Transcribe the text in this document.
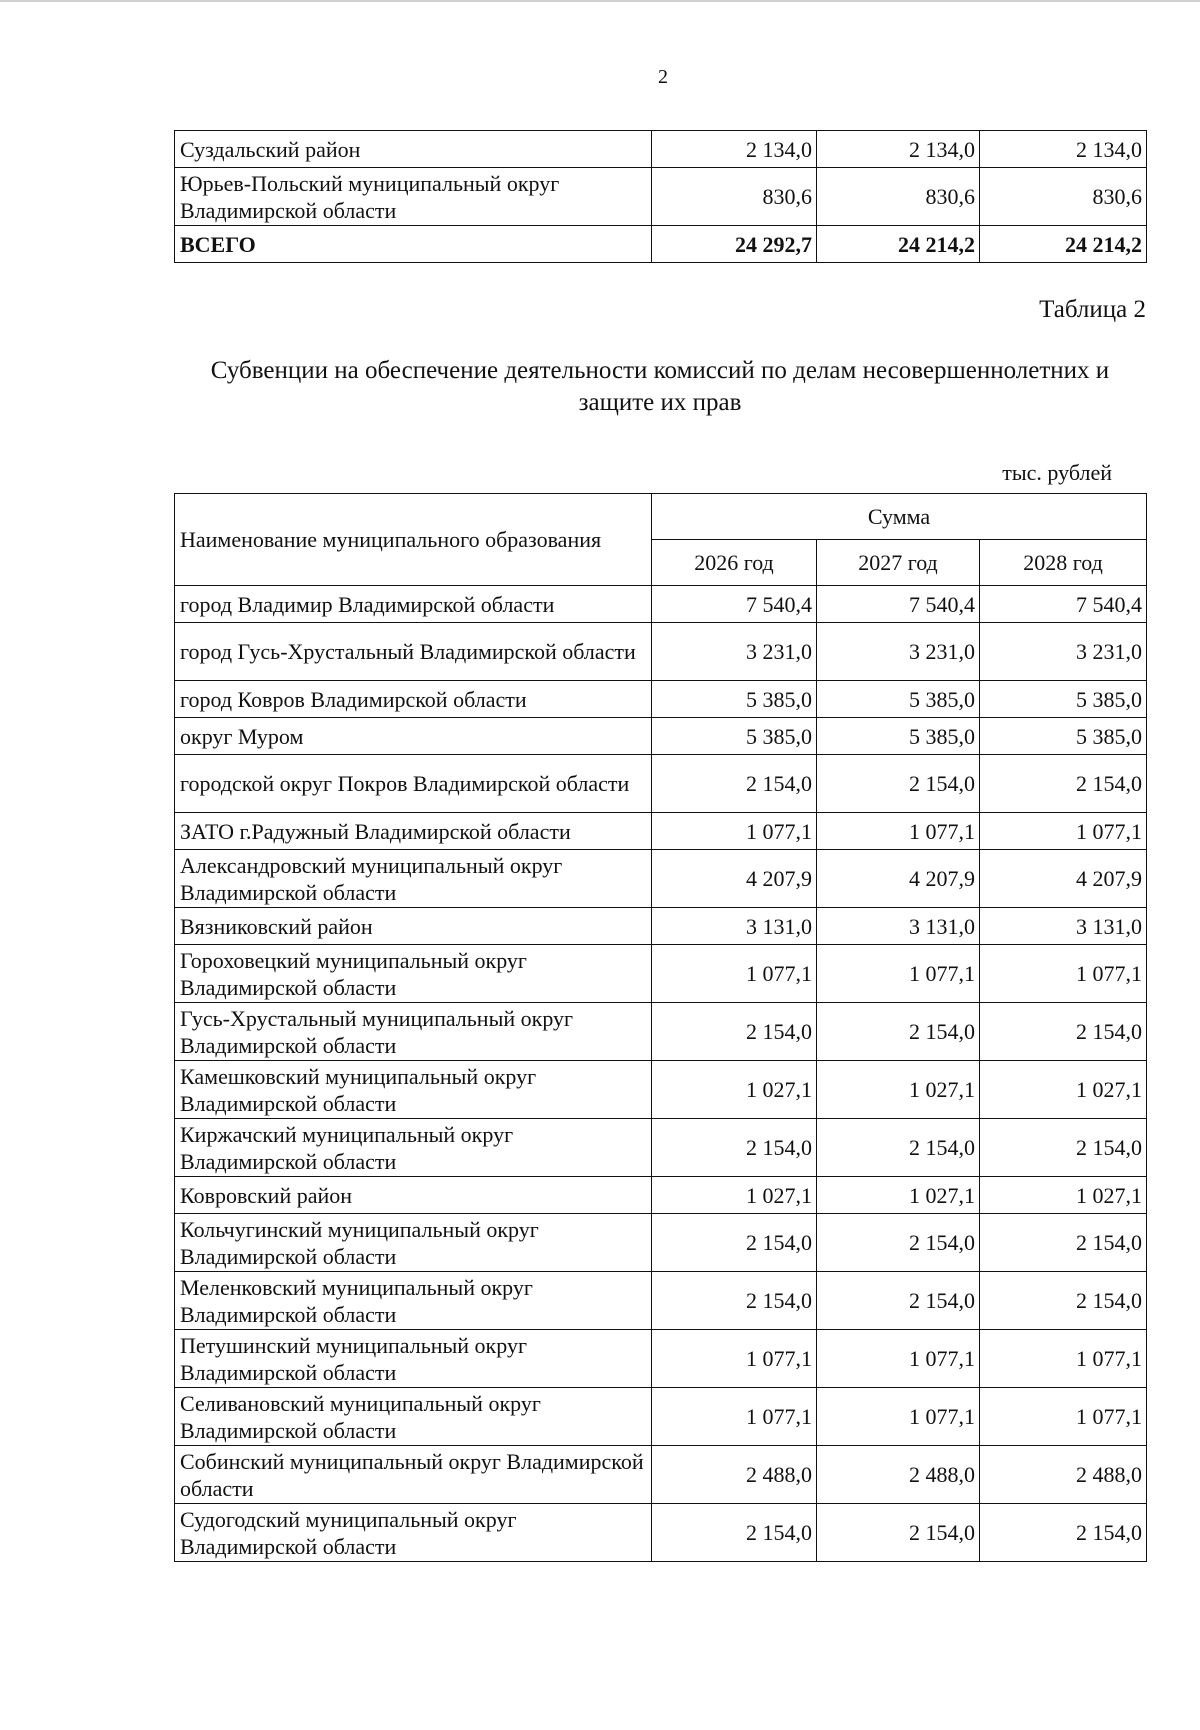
2
Суздальский район	2 134,0	2 134,0	2 134,0
Юрьев-Польский муниципальный округ Владимирской области	830,6	830,6	830,6
ВСЕГО	24 292,7	24 214,2	24 214,2
Таблица 2
Субвенции на обеспечение деятельности комиссий по делам несовершеннолетних и защите их прав
тыс. рублей
Наименование муниципального образования	Сумма		
	2026 год	2027 год	2028 год
город Владимир Владимирской области	7 540,4	7 540,4	7 540,4
город Гусь-Хрустальный Владимирской области	3 231,0	3 231,0	3 231,0
город Ковров Владимирской области	5 385,0	5 385,0	5 385,0
округ Муром	5 385,0	5 385,0	5 385,0
городской округ Покров Владимирской области	2 154,0	2 154,0	2 154,0
ЗАТО г.Радужный Владимирской области	1 077,1	1 077,1	1 077,1
Александровский муниципальный округ Владимирской области	4 207,9	4 207,9	4 207,9
Вязниковский район	3 131,0	3 131,0	3 131,0
Гороховецкий муниципальный округ Владимирской области	1 077,1	1 077,1	1 077,1
Гусь-Хрустальный муниципальный округ Владимирской области	2 154,0	2 154,0	2 154,0
Камешковский муниципальный округ Владимирской области	1 027,1	1 027,1	1 027,1
Киржачский муниципальный округ Владимирской области	2 154,0	2 154,0	2 154,0
Ковровский район	1 027,1	1 027,1	1 027,1
Кольчугинский муниципальный округ Владимирской области	2 154,0	2 154,0	2 154,0
Меленковский муниципальный округ Владимирской области	2 154,0	2 154,0	2 154,0
Петушинский муниципальный округ Владимирской области	1 077,1	1 077,1	1 077,1
Селивановский муниципальный округ Владимирской области	1 077,1	1 077,1	1 077,1
Собинский муниципальный округ Владимирской области	2 488,0	2 488,0	2 488,0
Судогодский муниципальный округ Владимирской области	2 154,0	2 154,0	2 154,0
